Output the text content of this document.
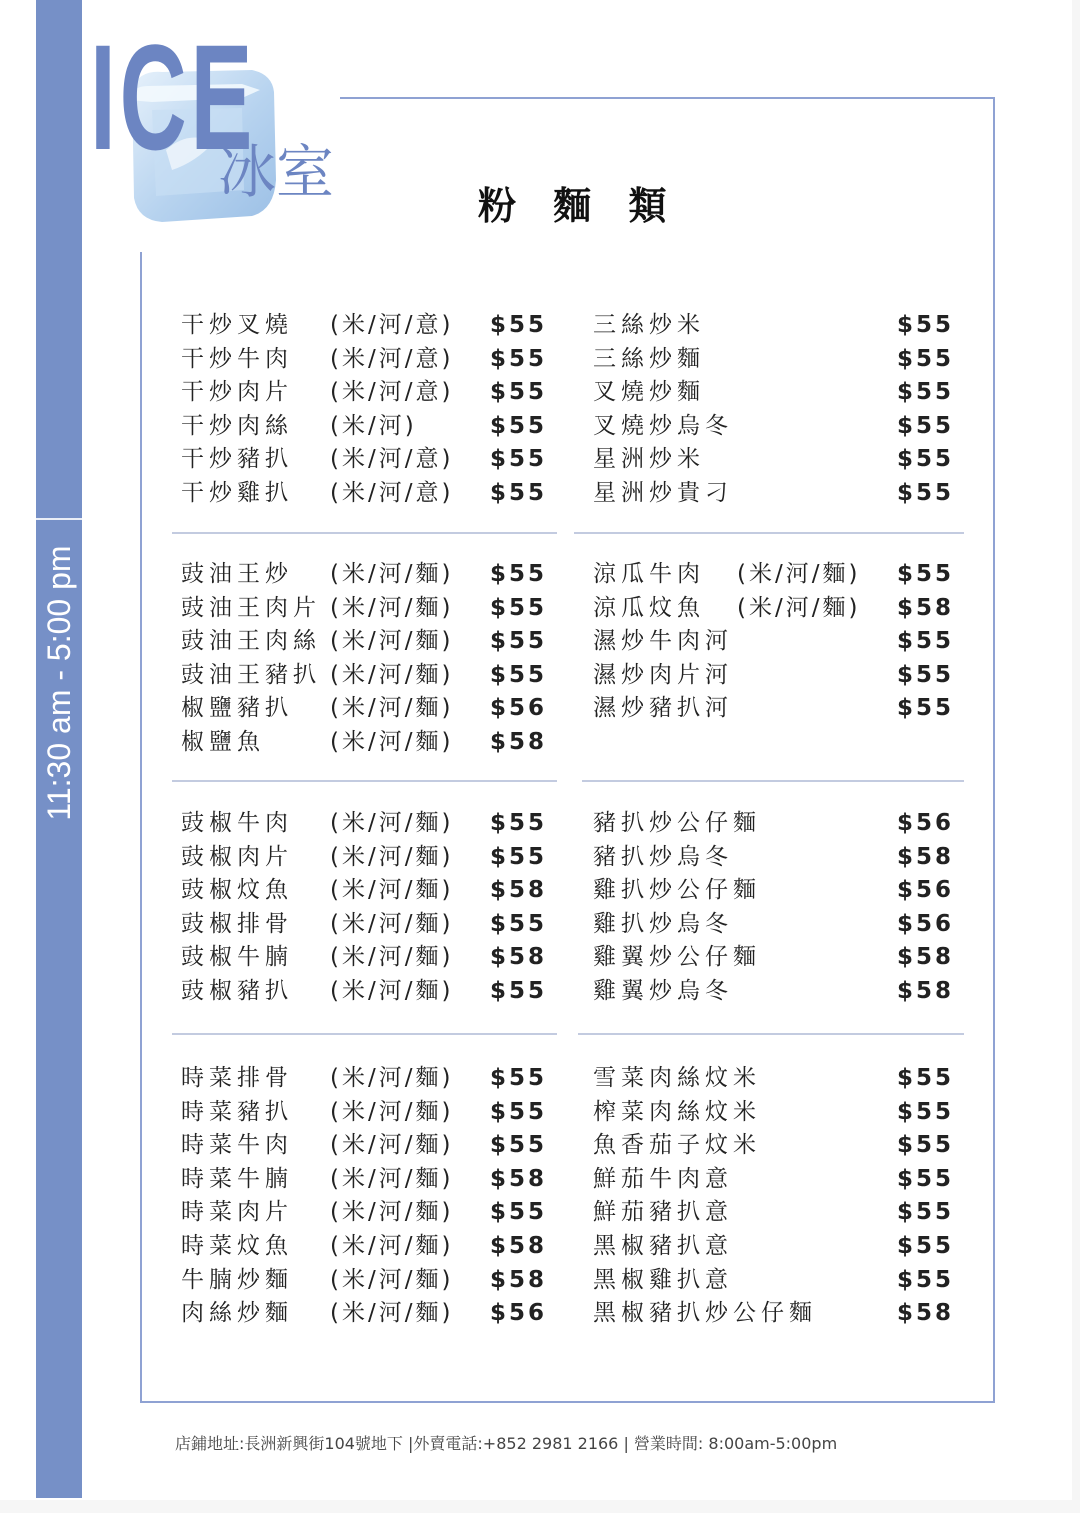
11:30 am - 5:00 pm
ICE
冰室	粉 麵 類
干炒叉燒 (米/河/意) $55
干炒牛肉 (米/河/意) $55
干炒肉片 (米/河/意) $55
干炒肉絲 (米/河)	$55
干炒豬扒 (米/河/意) $55
干炒雞扒 (米/河/意) $55
三絲炒米	$55
三絲炒麵	$55
叉燒炒麵	$55
叉燒炒烏冬	$55
星洲炒米	$55
星洲炒貴刁	$55
豉油王炒 (米/河/麵) $55
豉油王肉片 (米/河/麵) $55
豉油王肉絲 (米/河/麵) $55
豉油王豬扒 (米/河/麵) $55
椒鹽豬扒 (米/河/麵) $56
椒鹽魚	(米/河/麵) $58
涼瓜牛肉 (米/河/麵) $55
涼瓜炆魚 (米/河/麵) $58
濕炒牛肉河	$55
濕炒肉片河	$55
濕炒豬扒河	$55
豉椒牛肉 (米/河/麵) $55
豉椒肉片 (米/河/麵) $55
豉椒炆魚 (米/河/麵) $58
豉椒排骨 (米/河/麵) $55
豉椒牛腩 (米/河/麵) $58
豉椒豬扒 (米/河/麵) $55
豬扒炒公仔麵	$56
豬扒炒烏冬	$58
雞扒炒公仔麵	$56
雞扒炒烏冬	$56
雞翼炒公仔麵	$58
雞翼炒烏冬	$58
時菜排骨 (米/河/麵) $55
時菜豬扒 (米/河/麵) $55
時菜牛肉 (米/河/麵) $55
時菜牛腩 (米/河/麵) $58
時菜肉片 (米/河/麵) $55
時菜炆魚 (米/河/麵) $58
牛腩炒麵 (米/河/麵) $58
肉絲炒麵 (米/河/麵) $56
雪菜肉絲炆米	$55
榨菜肉絲炆米	$55
魚香茄子炆米	$55
鮮茄牛肉意	$55
鮮茄豬扒意	$55
黑椒豬扒意	$55
黑椒雞扒意	$55
黑椒豬扒炒公仔麵	$58
店鋪地址:長洲新興街104號地下 |外賣電話:+852 2981 2166 | 營業時間: 8:00am-5:00pm
